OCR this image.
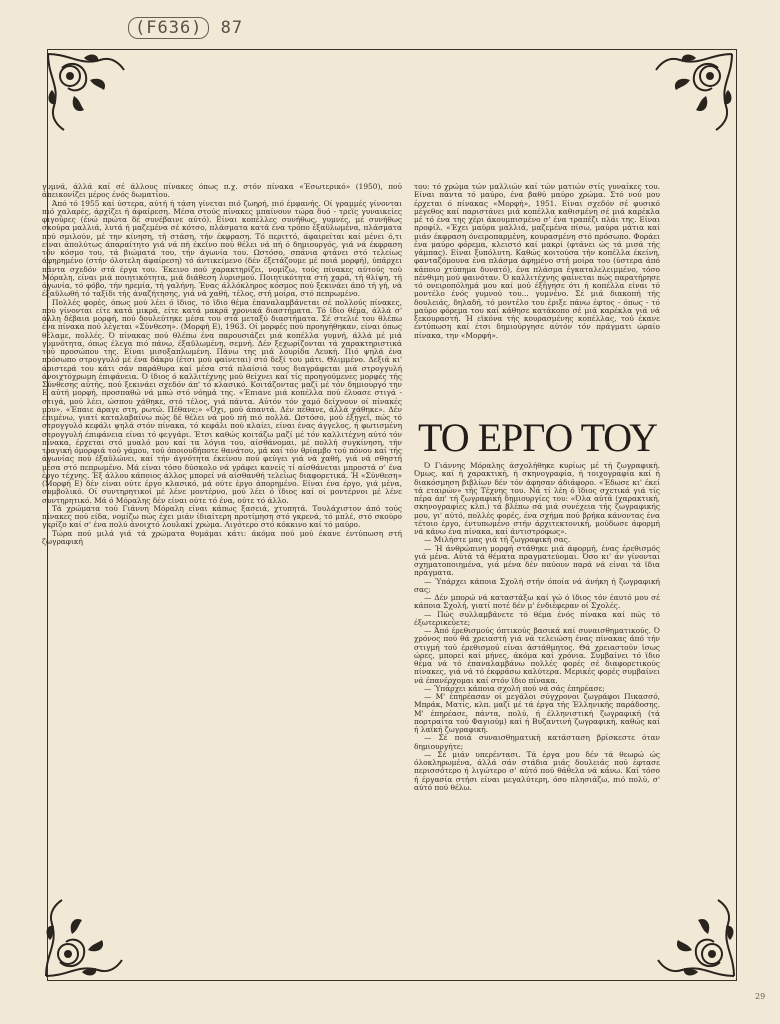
(F636) 87

γυμνά, άλλά καί σέ άλλους πίνακες όπως π.χ. στόν πίνακα «Έσωτερικό» (1950), πού άπεικονίζει μέρος ένός δωματίου.

Άπό τό 1955 καί ύστερα, αύτή ή τάση γίνεται πιό ζωηρή, πιό έμφανής. Οί γραμμές γίνονται πιό χαλαρές, άρχίζει ή άφαίρεση. Μέσα στούς πίνακες μπαίνουν τώρα δυό - τρεϊς γυναικείες φιγούρες (ένώ πρώτα δέ συνέβαινε αύτό). Είναι κοπέλλες συνήθως, γυμνές, μέ συνήθως σκούρα μαλλιά, λυτά ή μαζεμένα σέ κότσο, πλάσματα κατά ένα τρόπο έξαϋλωμένα, πλάσματα πού σμιλούν, μέ την κίνηση, τή στάση, τήν έκφραση. Τό περιττό, άφαιρείται καί μένει ό,τι είναι άπολύτως άπαραίτητο γιά νά πή έκεϊνο πού θέλει νά πή ό δημιουργός, γιά νά έκφραση τόν κόσμο του, τά βιώματά του, τήν άγωνία του. Ωστόσο, σπάνια φτάνει στό τελείως άφηρημένο (στήν όλοτελη άφαίρεση) τό άντικείμενο (δέν έξετάζουμε μέ ποιά μορφή), ύπάρχει πάντα σχεδόν στά έργα του. Έκεινο πού χαρακτηρίζει, νομίζω, τούς πίνακες αύτούς τού Μόραλη, είναι μιά ποιητικότητα, μιά διάθεση λυρισμού. Ποιητικότητα στή χαρά, τή θλίψη, τή άγωνία, τό φόβο, τήν ηρεμία, τή γαλήνη. Ένας άλλόκληρος κόσμος πού ξεκινάει άπό τή γή, νά έξαϋλωθή τό ταξίδι τής άναζήτησης, γιά νά χαθή, τέλος, στή μοίρα, στό πεπρωμένο.

Πολλές φορές, όπως μού λέει ό ϊδιος, τό ϊδιο θέμα έπαναλαμβάνεται σέ πολλούς πίνακες, πού γίνονται είτε κατά μικρά, είτε κατά μακρά χρονικά διαστήματα. Τό ϊδιο θέμα, άλλά σ' άλλη δέβαια μορφή, πού δουλεύτηκε μέσα του στά μεταξύ διαστήματα. Σέ στελιέ του θλέπω ένα πίνακα πού λέγεται «Σύνθεση». (Μορφή Ε), 1963. Οί μορφές πού προηγήθηκαν, είναι όπως θέλαμε, πολλές. Ό πίνακας πού θλέπω ένα παρουσιάζει μιά κοπέλλα γυμνή, άλλά μέ μιά γυμνότητα, όπως έλεγα πιό πάνω, έξαϋλωμένη, σεμνή. Δέν ξεχωρίζονται τά χαρακτηριστικά τού προσώπου της. Είναι μισοξαπλωμένη. Πάνω της μιά λουρίδα Λευκή. Πιό ψηλά ένα πρόσωπο στρογγυλό μέ ένα δάκρυ (έτσι μού φαίνεται) στό δεξί του μάτι. Θλιμμένο. Δεξιά κι' άριστερά του κάτι σάν παράθυρα καί μέσα στά πλαίσιά τους διαγράφεται μιά στρογγυλή άνοιχτόχρωμη έπιφάνεια. Ό ϊδιος ό καλλιτέχνης μού θείχνει καί τίς προηγούμενες μορφές τής Σύνθεσης αύτής, πού ξεκινάει σχεδόν άπ' τό κλασικό. Κοιτάζοντας μαζί μέ τόν δημιουργό την Ε αύτή μορφή, προσπαθώ νά μπώ στό νόημά της. «Έπιανε μιά κοπέλλα πού έλυασε στιγά - στιγά, μού λέει, ώσπου χάθηκε, στό τέλος, γιά πάντα. Αύτόν τόν χαμό δείχνουν οί πίνακές μου». «Έπαιε άραγε στη, ρωτώ. Πέθανε;» «Όχι, μού άπαντά. Δέν πέθανε, άλλά χάθηκε». Δέν έπιμένω, γιατί καταλαβαίνω πώς δέ θέλει νά μού πή πιό πολλά. Ωστόσο, μού έξηγεϊ, πώς τό στρογγυλό κεφάλι ψηλά στόν πίνακα, τό κεφάλι πού κλαίει, είναι ένας άγγελος, ή φωτισμένη στρογγυλή έπιφάνεια είναι τό φεγγάρι. Έτσι καθώς κοιτάζω μαζί μέ τόν καλλιτέχνη αύτό τόν πίνακα, έρχεται στό μυαλό μου καί τα λόγια του, αίσθάνομαι, μέ πολλή συγκίνηση, τήν τραγική όμορφιά τού γάμου, τού όποιουδήποτε θανάτου, μά καί τόν θρίαμβο τού πόνου καί τής άγωνίας πού έξαϋλώνει, καί τήν άγνότητα έκείνου πού φεύγει γιά νά χαθή, γιά νά σθηστή μέσα στό πεπρωμένο. Μά είναι τόσο δύσκολο νά γράφει κανείς τί αίσθάνεται μπροστά σ' ένα έργο τέχνης. Έξ άλλου κάποιος άλλος μπορεί νά αίσθανθή τελείως διαφορετικά. Ή «Σύνθεση» (Μορφή Ε) δέν είναι ούτε έργο κλασικό, μά ούτε έργο άπορημένο. Είναι ένα έργο, γιά μένα, συμβολικό. Οί συντηρητικοί μέ λένε μοντέρνο, μού λέει ό ϊδιος καί οί μοντέρνοι μέ λένε συντηρητικό. Μά ό Μόραλης δέν είναι ούτε τό ένα, ούτε τό άλλο.

Τά χρώματα τού Γιάννη Μόραλη είναι κάπως ξασειά, χτυπητά. Τουλάχιστον άπό τούς πίνακες πού είδα, νομίζω πώς έχει μιάν ίδιαίτερη προτίμηση στό γκρενά, τό μπλέ, στό σκούρο γκρίζο καί σ' ένα πολύ άνοιχτό λουλακί χρώμα. Λιγότερο στό κόκκινο καί τό μαύρο.

Τώρα πού μιλά γιά τά χρώματα θυμάμαι κάτι: άκόμα πού μού έκανε έντύπωση στή ζωγραφική

του: τό χρώμα τών μαλλιών καί τών ματιών στίς γυναίκες του. Είναι πάντα τό μαύρο, ένα βαθύ μαύρο χρώμα. Στό νού μου έρχεται ό πίνακας «Μορφή», 1951. Είναι σχεδόν σέ φυσικό μέγεθος καί παριστάνει μιά κοπέλλα καθισμένη σέ μιά καρέκλα μέ τό ένα της χέρι άκουμπισμένο σ' ένα τραπέζι πλάι της. Είναι προφίλ. «Έχει μαύρα μαλλιά, μαζεμένα πίσω, μαύρα μάτια καί μιάν έκφραση όνειροπαρμένη, κουρασμένη στό πρόσωπο. Φοράει ένα μαύρο φόρεμα, κλειστό καί μακρί (φτάνει ώς τά μισά τής γάμπας). Είναι ξυπόλυτη. Καθώς κοιτούσα τήν κοπέλλα έκείνη, φανταζόμουνα ένα πλάσμα άφημένο στή μοίρα του (ύστερα άπό κάποιο χτύπημα δυνατό), ένα πλάσμα έγκαταλελειμμένο, τόσο πένθιμη μού φαινόταν. Ό καλλιτέχνης φαίνεται πώς παρατήρησε τό ονειροπόλημά μου καί μού έξήγησε ότι ή κοπέλλα είναι τό μοντέλο ένός γυμνού του... γυμνένο. Σέ μιά διακοπή τής δουλειάς, δηλαδή, τό μοντέλο του έριξε πάνω έφτος - όπως - τό μαύρο φόρεμα του καί κάθησε κατάκοπο σέ μιά καρέκλα γιά νά ξεκουραστή. Ή εϊκόνα τής κουρασμένης κοπέλλας, τού έκανε έντύπωση καί έτσι δημιούργησε αύτόν τόν πράγματι ώραίο πίνακα, την «Μορφή».

ΤΟ ΕΡΓΟ ΤΟΥ

Ό Γιάννης Μόραλης άσχολήθηκε κυρίως μέ τή ζωγραφική. Όμως, καί ή χαρακτική, ή σκηνογραφία, ή τοιχογραφία καί ή διακόσμηση βιβλίων δέν τόν άφησαν άδιάφορο. «Έδωσε κι' έκεί τά εταιρών» τής Τέχνης του. Νά τί λέη ό ϊδιος σχετικά γιά τίς πέρα άπ' τή ζωγραφική δημιουργίες του: «Όλα αύτά (χαρακτική, σκηνογραφίες κλπ.) τά βλέπω σά μιά συνέχεια τής ζωγραφικής μου, γι' αύτό, πολλές φορές, ένα σχήμα πού βρήκα κάνοντας ένα τέτοιο έργο, έντυπωμένο στήν άρχιτεκτονική, μούδωσε άφορμή νά κάνω ένα πίνακα, καί άντιστρόφως».

— Μιλήστε μας γιά τή ζωγραφική σας.

— Ή άνθρώπινη μορφή στάθηκε μιά άφορμή, ένας έρεθισμός γιά μένα. Αύτά τά θέματα πραγματεύομαι. Όσο κι' άν γίνονται σχηματοποιημένα, γιά μένα δέν παύουν παρά νά είναι τά ϊδια πράγματα.

— Ύπάρχει κάποια Σχολή στήν όποία νά άνήκη ή ζωγραφική σας;

— Δέν μπορώ νά καταστάξω καί γώ ό ϊδιος τόν έαυτό μου σέ κάποια Σχολή, γιατί ποτέ δέν μ' ένδιέφεραν οί Σχολές.

— Πώς συλλαμβάνετε τό θέμα ένός πίνακα καί πώς τό έξωτερικεύετε;

— Άπό έρεθισμούς όπτικούς βασικά καί συναισθηματικούς. Ό χρόνος πού θά χρειαστή γιά νά τελειώση ένας πίνακας άπό τήν στιγμή τού έρεθισμού είναι άστάθμητος. Θά χρειαστούν ϊσως ώρες, μπορεί καί μήνες, άκόμα καί χρόνια. Συμβαίνει τό ϊδιο θέμα νά τό έπαναλαμβάνω πολλές φορές σέ διαφορετικούς πίνακες, γιά νά τό έκφράσω καλύτερα. Μερικές φορές συμβαίνει νά έπανέρχομαι καί στόν ϊδιο πίνακα.

— Ύπάρχει κάποια σχολή πού νά σάς έπηρέασε;

— Μ' έπηρέασαν οί μεγάλοι σύγχρονοι ζωγράφοι Πικασσό, Μπράκ, Ματίς, κλπ. μαζί μέ τά έργα τής Έλληνικής παράδοσης. Μ' έπηρέασε, πάντα, πολύ, ή έλληνιστική ζωγραφική (τά πορτραίτα τού Φαγιούμ) καί ή Βυζαντινή ζωγραφική, καθώς καί ή λαϊκή ζωγραφική.

— Σέ ποιά συναισθηματική κατάσταση βρίσκεστε όταν δημιουργήτε;

— Σέ μιάν υπερέντασι. Τά έργα μου δέν τά θεωρώ ώς όλοκληρωμένα, άλλά σάν στάδια μιάς δουλειάς πού έφτασε περισσότερο ή λιγώτερο σ' αύτό πού θάθελα νά κάνω. Καί τόσο ή έργασία στήσι είναι μεγαλύτερη, όσο πλησιάζω, πιό πολύ, σ' αύτό πού θέλω.

29
